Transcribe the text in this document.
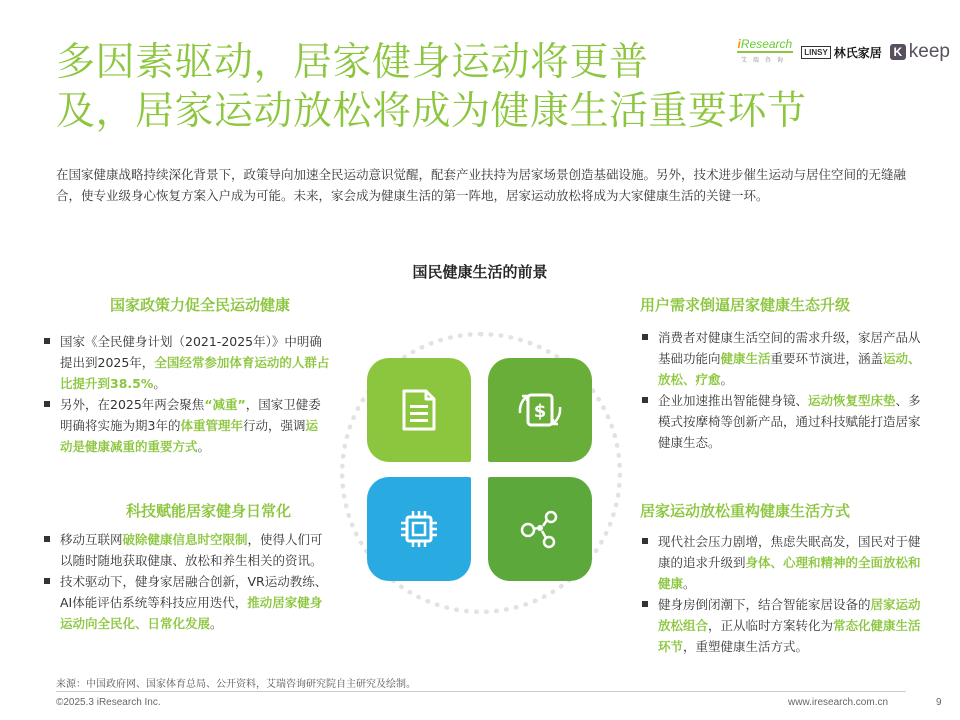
多因素驱动，居家健身运动将更普
及，居家运动放松将成为健康生活重要环节
iResearch
艾瑞咨询
LINSY 林氏家居 K keep

在国家健康战略持续深化背景下，政策导向加速全民运动意识觉醒，配套产业扶持为居家场景创造基础设施。另外，技术进步催生运动与居住空间的无缝融合，使专业级身心恢复方案入户成为可能。未来，家会成为健康生活的第一阵地，居家运动放松将成为大家健康生活的关键一环。

国民健康生活的前景
国家政策力促全民运动健康
国家《全民健身计划（2021-2025年）》中明确提出到2025年，全国经常参加体育运动的人群占比提升到38.5%。
另外，在2025年两会聚焦“减重”，国家卫健委明确将实施为期3年的体重管理年行动，强调运动是健康减重的重要方式。
用户需求倒逼居家健康生态升级
消费者对健康生活空间的需求升级，家居产品从基础功能向健康生活重要环节演进，涵盖运动、放松、疗愈。
企业加速推出智能健身镜、运动恢复型床垫、多模式按摩椅等创新产品，通过科技赋能打造居家健康生态。
科技赋能居家健身日常化
移动互联网破除健康信息时空限制，使得人们可以随时随地获取健康、放松和养生相关的资讯。
技术驱动下，健身家居融合创新，VR运动教练、AI体能评估系统等科技应用迭代，推动居家健身运动向全民化、日常化发展。
居家运动放松重构健康生活方式
现代社会压力剧增，焦虑失眠高发，国民对于健康的追求升级到身体、心理和精神的全面放松和健康。
健身房倒闭潮下，结合智能家居设备的居家运动放松组合，正从临时方案转化为常态化健康生活环节，重塑健康生活方式。
$
来源：中国政府网、国家体育总局、公开资料，艾瑞咨询研究院自主研究及绘制。
©2025.3 iResearch Inc.	www.iresearch.com.cn	9
